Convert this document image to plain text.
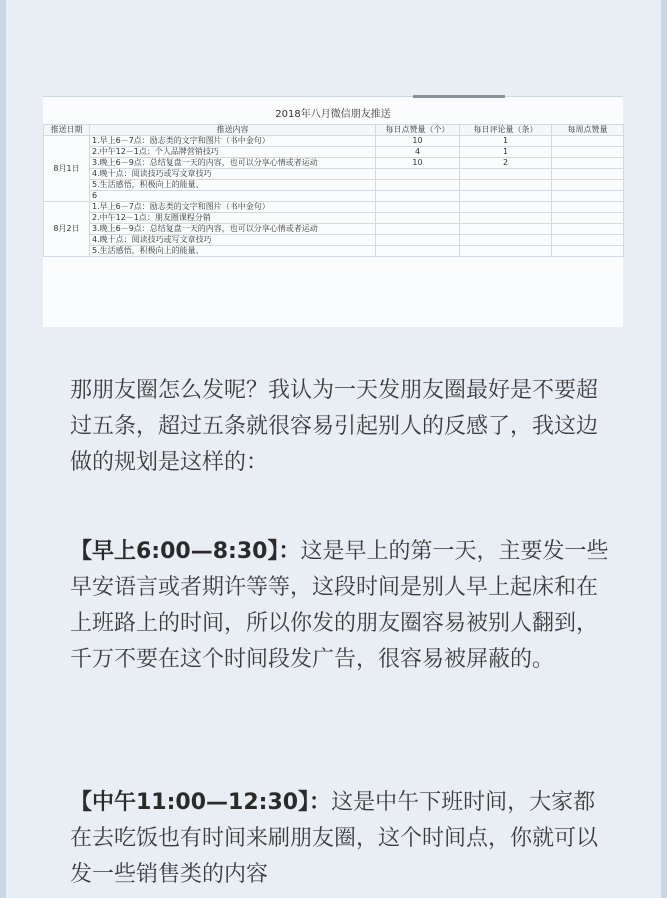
2018年八月微信朋友推送
推送日期	推送内容	每日点赞量（个）	每日评论量（条）	每周点赞量
8月1日	1.早上6－7点：励志类的文字和图片（书中金句）	10	1	
	2.中午12－1点：个人品牌营销技巧	4	1	
	3.晚上6－9点：总结复盘一天的内容，也可以分享心情或者运动	10	2	
	4.晚十点：阅读技巧或写文章技巧			
	5.生活感悟，积极向上的能量、			
	6			
8月2日	1.早上6－7点：励志类的文字和图片（书中金句）			
	2.中午12－1点：朋友圈课程分销			
	3.晚上6－9点：总结复盘一天的内容，也可以分享心情或者运动			
	4.晚十点：阅读技巧或写文章技巧			
	5.生活感悟，积极向上的能量、			

那朋友圈怎么发呢？我认为一天发朋友圈最好是不要超过五条，超过五条就很容易引起别人的反感了，我这边做的规划是这样的：

【早上6:00—8:30】：这是早上的第一天，主要发一些早安语言或者期许等等，这段时间是别人早上起床和在上班路上的时间，所以你发的朋友圈容易被别人翻到，千万不要在这个时间段发广告，很容易被屏蔽的。

【中午11:00—12:30】：这是中午下班时间，大家都在去吃饭也有时间来刷朋友圈，这个时间点，你就可以发一些销售类的内容
